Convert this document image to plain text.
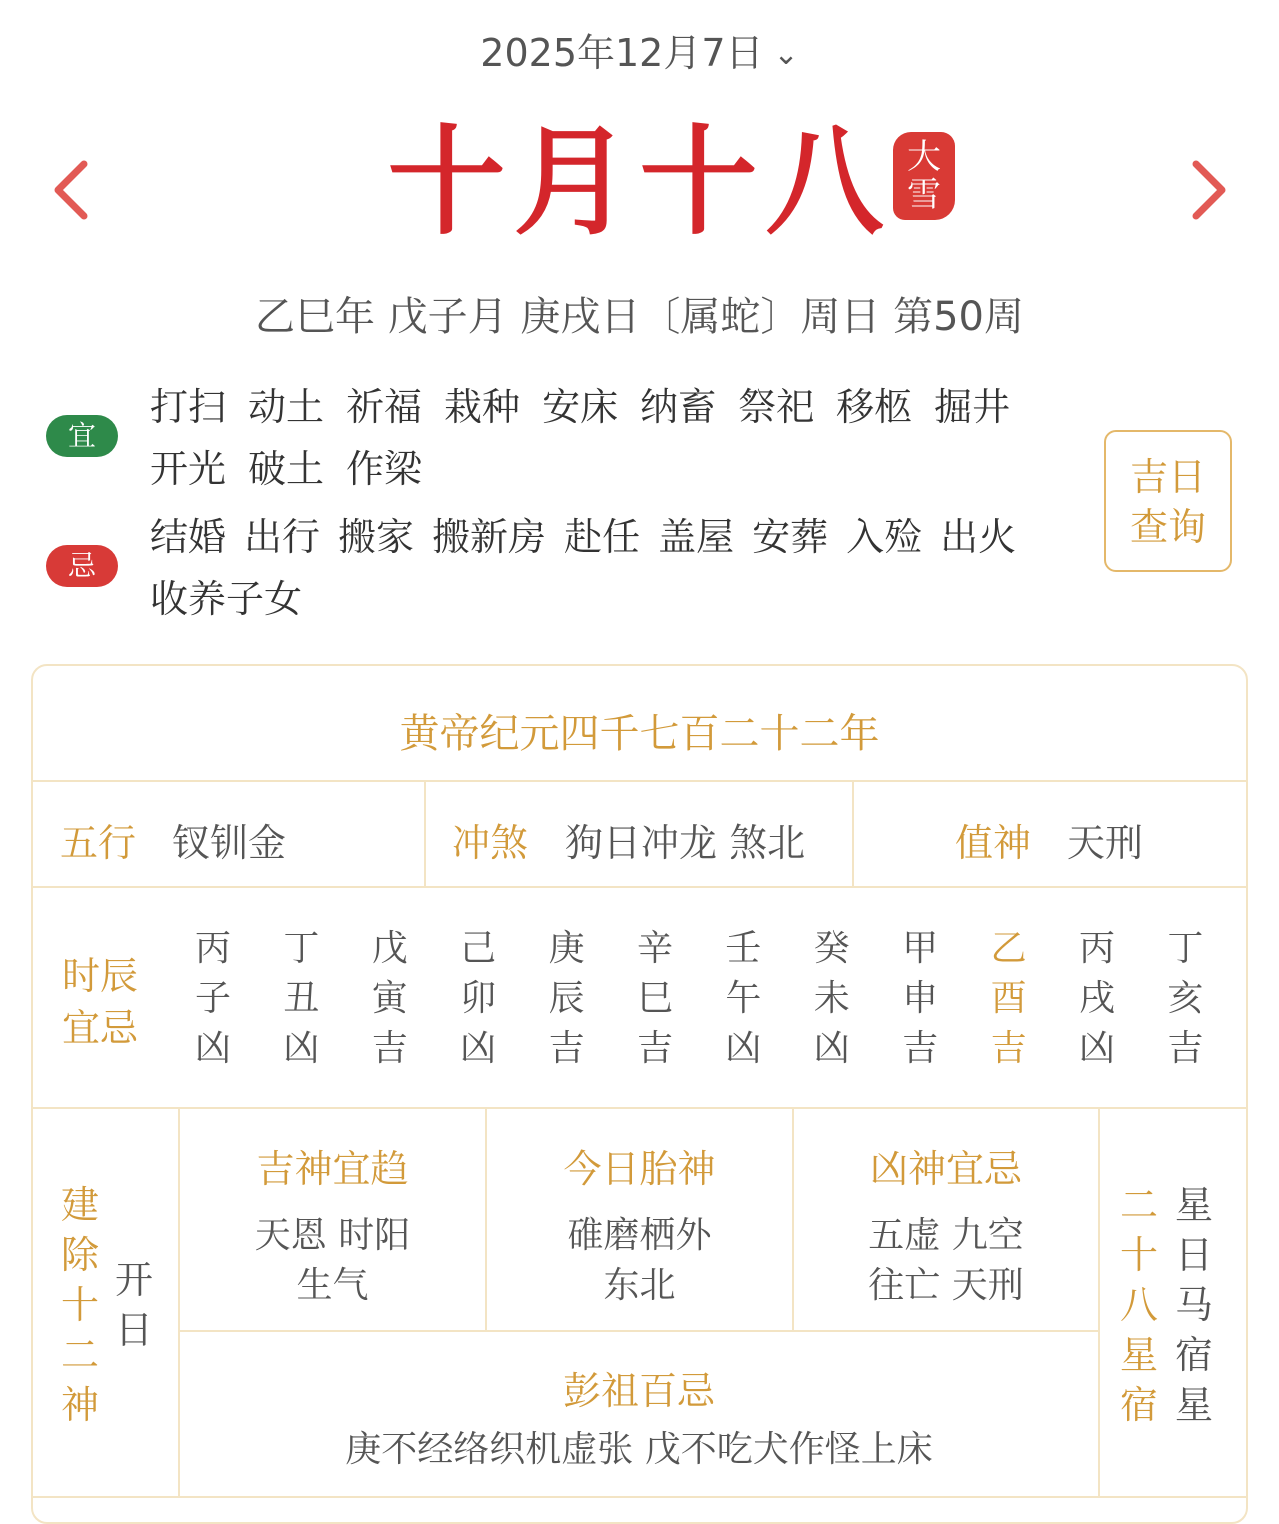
2025年12月7日 ⌄
十月十八 大
雪
乙巳年 戊子月 庚戌日〔属蛇〕周日 第50周
宜
打扫 动土 祈福 栽种 安床 纳畜 祭祀 移柩 掘井开光 破土 作梁
忌
结婚 出行 搬家 搬新房 赴任 盖屋 安葬 入殓 出火收养子女
吉日
查询
黄帝纪元四千七百二十二年
五行 钗钏金	冲煞 狗日冲龙 煞北	值神 天刑
时辰
宜忌
丙
子
凶
丁
丑
凶
戊
寅
吉
己
卯
凶
庚
辰
吉
辛
巳
吉
壬
午
凶
癸
未
凶
甲
申
吉
乙
酉
吉
丙
戌
凶
丁
亥
吉
建
除
十
二
神
开
日
吉神宜趋
天恩 时阳
生气
今日胎神
碓磨栖外
东北
凶神宜忌
五虚 九空
往亡 天刑
彭祖百忌
庚不经络织机虚张 戊不吃犬作怪上床
二
十
八
星
宿
星
日
马
宿
星
